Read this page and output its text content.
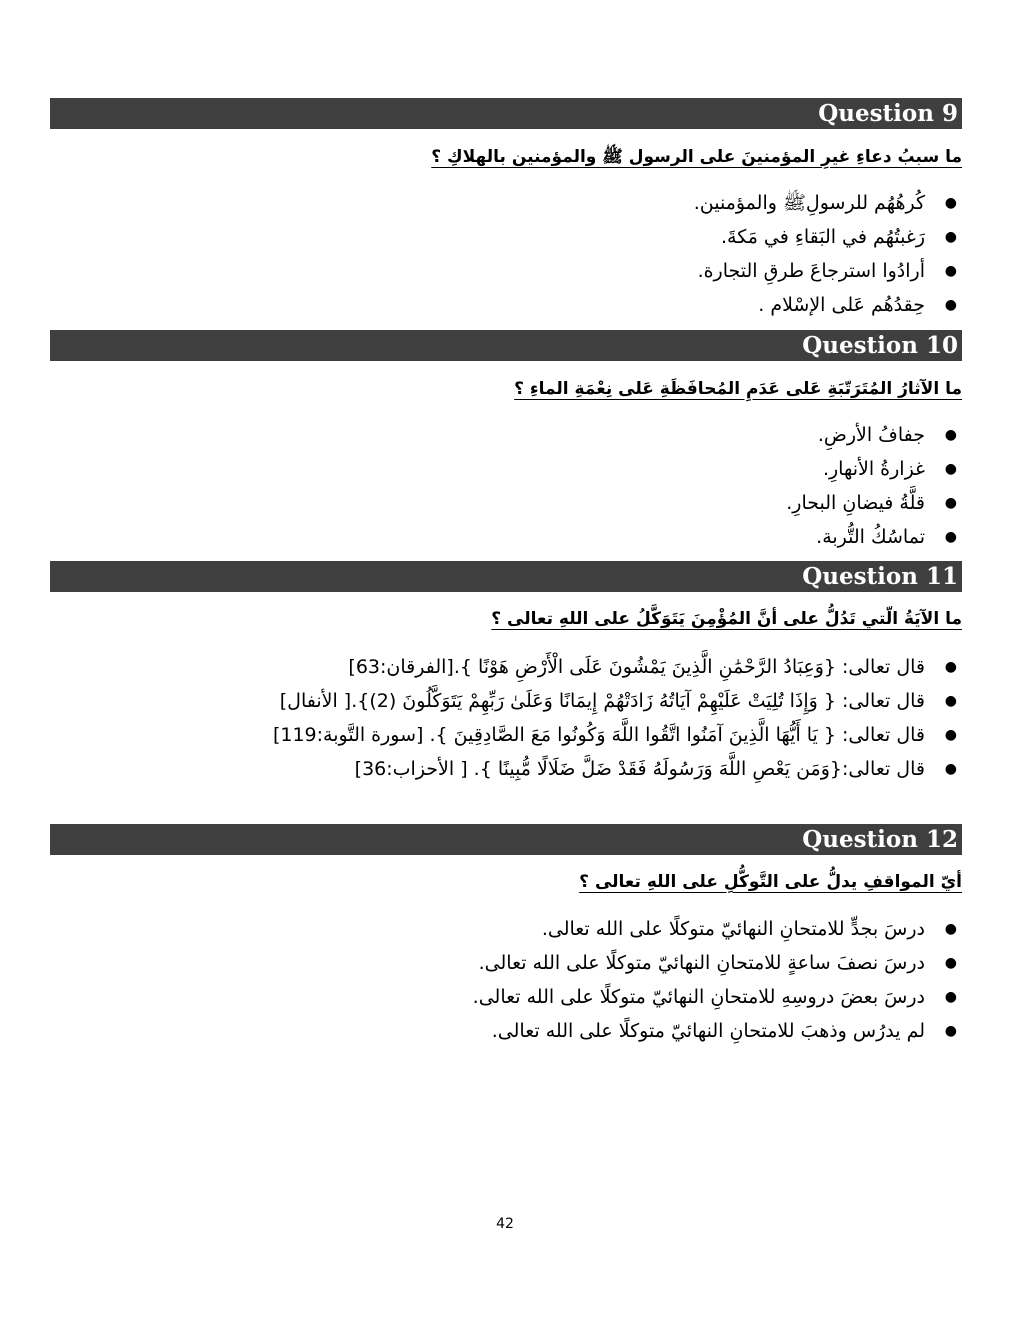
Question 9
ما سببُ دعاءِ غيرِ المؤمنينَ على الرسول ﷺ والمؤمنين بالهلاكِ ؟
●
كُرهُهُم للرسولِﷺ والمؤمنين.
●
رَغبتُهُم في البَقاءِ في مَكةَ.
●
أرادُوا استرجاعَ طرقِ التجارة.
●
حِقدُهُم عَلى الإسْلام .
Question 10
ما الآثارُ المُتَرَتّبَةِ عَلى عَدَمِ المُحافَظَةِ عَلى نِعْمَةِ الماءِ ؟
●
جفافُ الأرضِ.
●
غزارةُ الأنهارِ.
●
قلَّةُ فيضانِ البحارِ.
●
تماسُكُ التُّربة.
Question 11
ما الآيَةُ الّتي تَدُلُّ على أنَّ المُؤْمِنَ يَتَوَكَّلُ على اللهِ تعالى ؟
●
قال تعالى: {وَعِبَادُ الرَّحْمَٰنِ الَّذِينَ يَمْشُونَ عَلَى الْأَرْضِ هَوْنًا }.[الفرقان:63]
●
قال تعالى: { وَإِذَا تُلِيَتْ عَلَيْهِمْ آيَاتُهُ زَادَتْهُمْ إِيمَانًا وَعَلَىٰ رَبِّهِمْ يَتَوَكَّلُونَ (2)}.[ الأنفال]
●
قال تعالى: { يَا أَيُّهَا الَّذِينَ آمَنُوا اتَّقُوا اللَّهَ وَكُونُوا مَعَ الصَّادِقِينَ }. [سورة التَّوبة:119]
●
قال تعالى:{وَمَن يَعْصِ اللَّهَ وَرَسُولَهُ فَقَدْ ضَلَّ ضَلَالًا مُّبِينًا }. [ الأحزاب:36]
Question 12
أيّ المواقفِ يدلُّ على التَّوكُّلِ على اللهِ تعالى ؟
●
درسَ بجدٍّ للامتحانِ النهائيّ متوكلًا على الله تعالى.
●
درسَ نصفَ ساعةٍ للامتحانِ النهائيّ متوكلًا على الله تعالى.
●
درسَ بعضَ دروسِهِ للامتحانِ النهائيّ متوكلًا على الله تعالى.
●
لم يدرُس وذهبَ للامتحانِ النهائيّ متوكلًا على الله تعالى.
42
